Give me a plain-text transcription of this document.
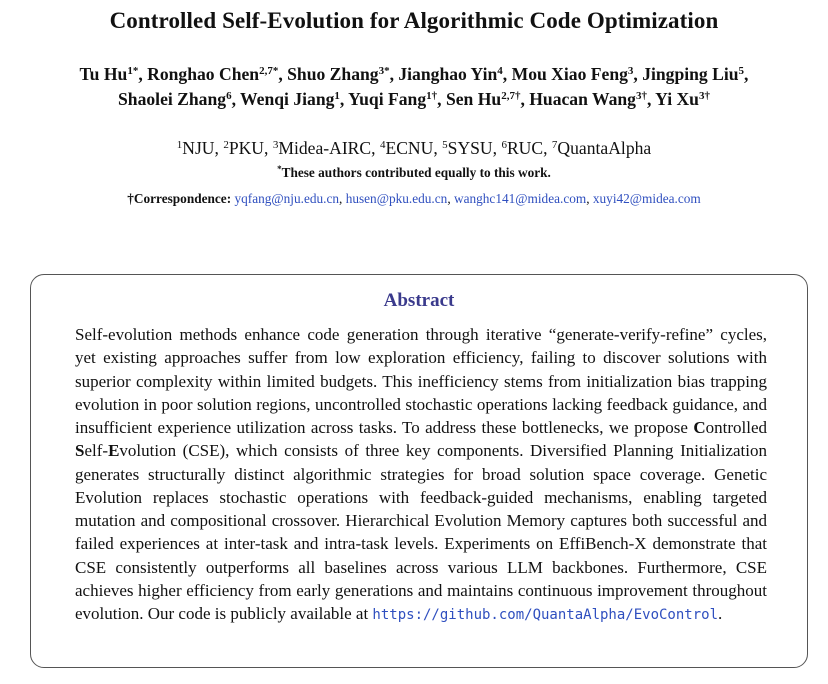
Controlled Self-Evolution for Algorithmic Code Optimization
Tu $Hu^{1*}$, Ronghao Chen$^{2,7*}$, Shuo Zhang$^{3*}$, Jianghao Yin$^4$, Mou Xiao Feng$^3$, Jingping Liu$^5$,
Shaolei Zhang$^6$, Wenqi Jiang$^1$, Yuqi Fang$^{1\dagger}$, Sen $Hu^{2,7\dagger}$, Huacan Wang$^{3\dagger}$, Yi $Xu^{3\dagger}$
$^1$NJU, $^2$PKU, $^3$Midea-AIRC, $^4$ECNU, $^5$SYSU, $^6$RUC, $^7$QuantaAlpha
*These authors contributed equally to this work.
†Correspondence: yqfang@nju.edu.cn, husen@pku.edu.cn, wanghc141@midea.com, xuyi42@midea.com
Abstract
Self-evolution methods enhance code generation through iterative “generate-verify-refine” cycles, yet existing approaches suffer from low exploration efficiency, failing to discover solutions with superior complexity within limited budgets. This inefficiency stems from initialization bias trapping evolution in poor solution regions, uncontrolled stochastic operations lacking feedback guidance, and insufficient experience utilization across tasks. To address these bottlenecks, we propose Controlled Self-Evolution (CSE), which consists of three key components. Diversified Planning Initialization generates structurally distinct algorithmic strategies for broad solution space coverage. Genetic Evolution replaces stochastic operations with feedback-guided mechanisms, enabling targeted mutation and compositional crossover. Hierarchical Evolution Memory captures both successful and failed experiences at inter-task and intra-task levels. Experiments on EffiBench-X demonstrate that CSE consistently outperforms all baselines across various LLM backbones. Furthermore, CSE achieves higher efficiency from early generations and maintains continuous improvement throughout evolution. Our code is publicly available at https://github.com/QuantaAlpha/EvoControl.
